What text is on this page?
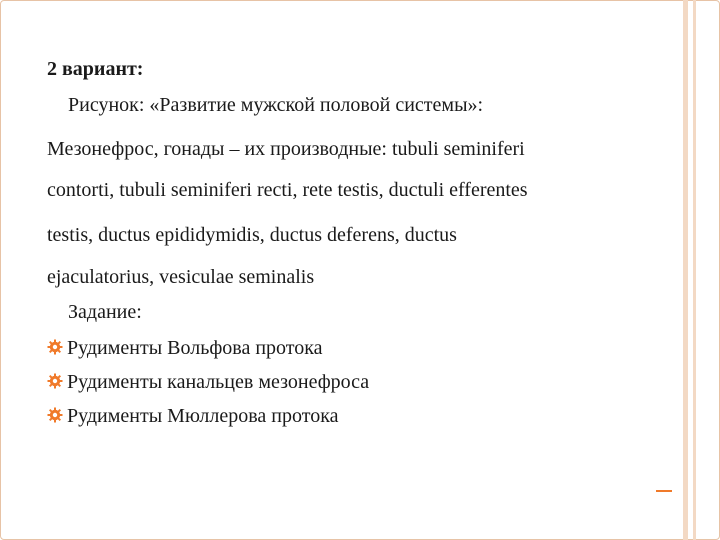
2 вариант:
Рисунок: «Развитие мужской половой системы»:
Мезонефрос, гонады – их производные: tubuli seminiferi
contorti, tubuli seminiferi recti, rete testis, ductuli efferentes
testis, ductus epididymidis, ductus deferens, ductus
ejaculatorius, vesiculae seminalis
Задание:
Рудименты Вольфова протока
Рудименты канальцев мезонефроса
Рудименты Мюллерова протока
